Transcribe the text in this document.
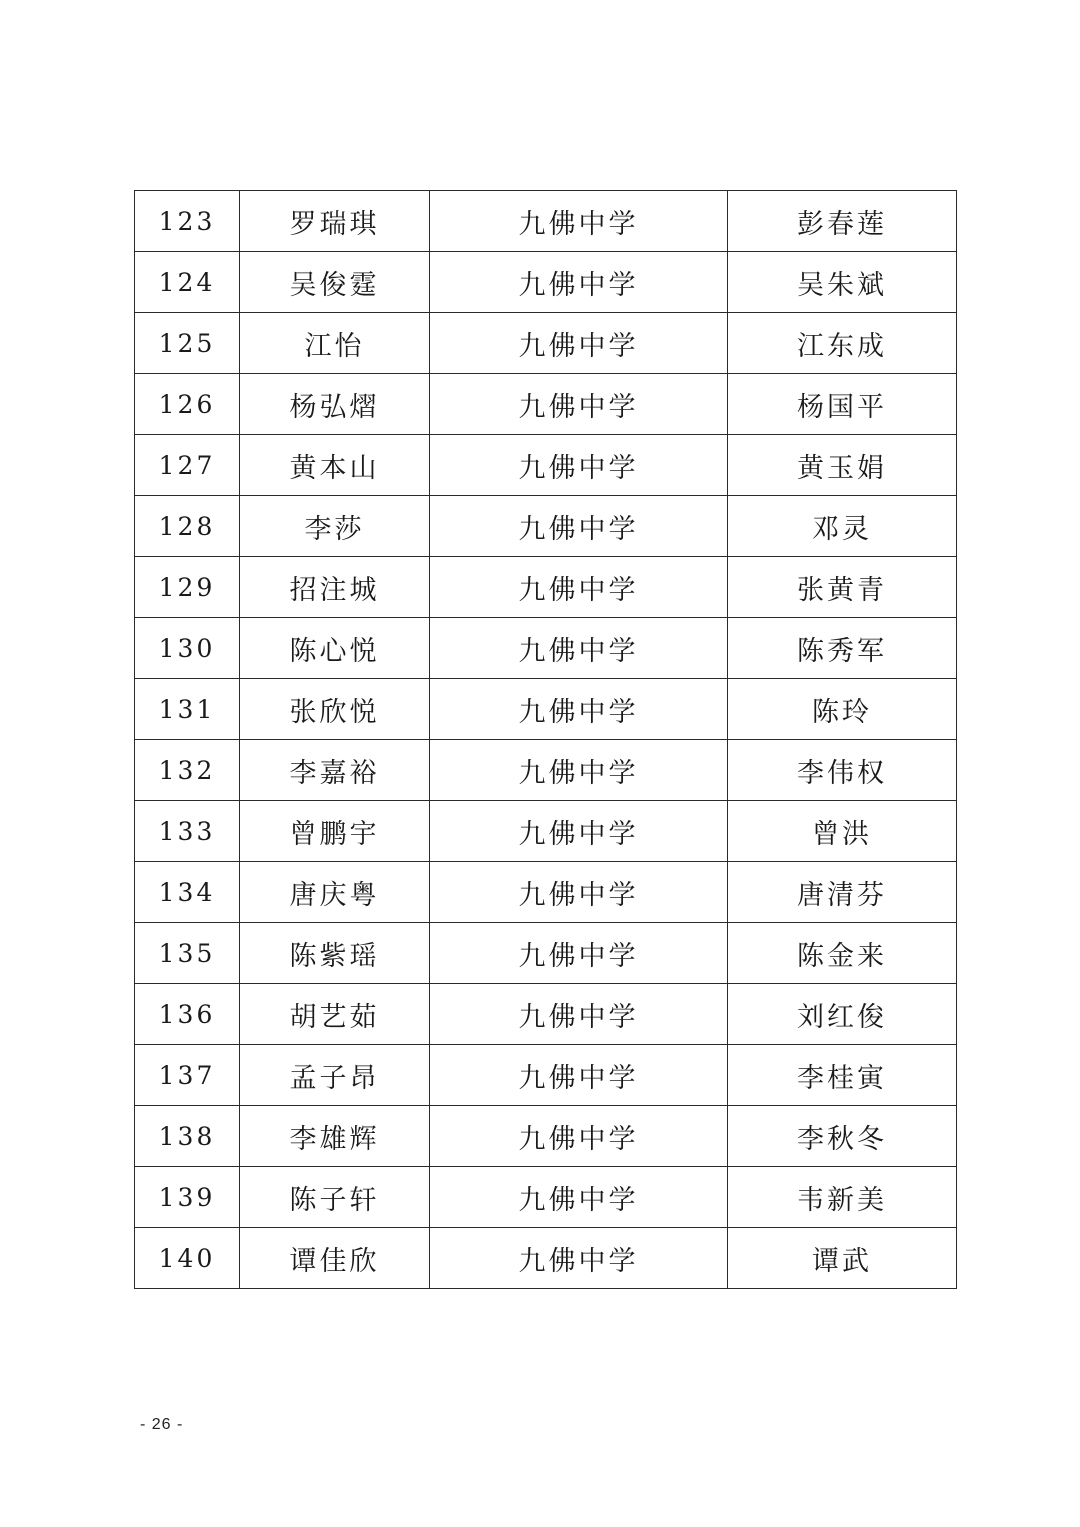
123	罗瑞琪	九佛中学	彭春莲
124	吴俊霆	九佛中学	吴朱斌
125	江怡	九佛中学	江东成
126	杨弘熠	九佛中学	杨国平
127	黄本山	九佛中学	黄玉娟
128	李莎	九佛中学	邓灵
129	招注城	九佛中学	张黄青
130	陈心悦	九佛中学	陈秀军
131	张欣悦	九佛中学	陈玲
132	李嘉裕	九佛中学	李伟权
133	曾鹏宇	九佛中学	曾洪
134	唐庆粤	九佛中学	唐清芬
135	陈紫瑶	九佛中学	陈金来
136	胡艺茹	九佛中学	刘红俊
137	孟子昂	九佛中学	李桂寅
138	李雄辉	九佛中学	李秋冬
139	陈子轩	九佛中学	韦新美
140	谭佳欣	九佛中学	谭武
- 26 -
